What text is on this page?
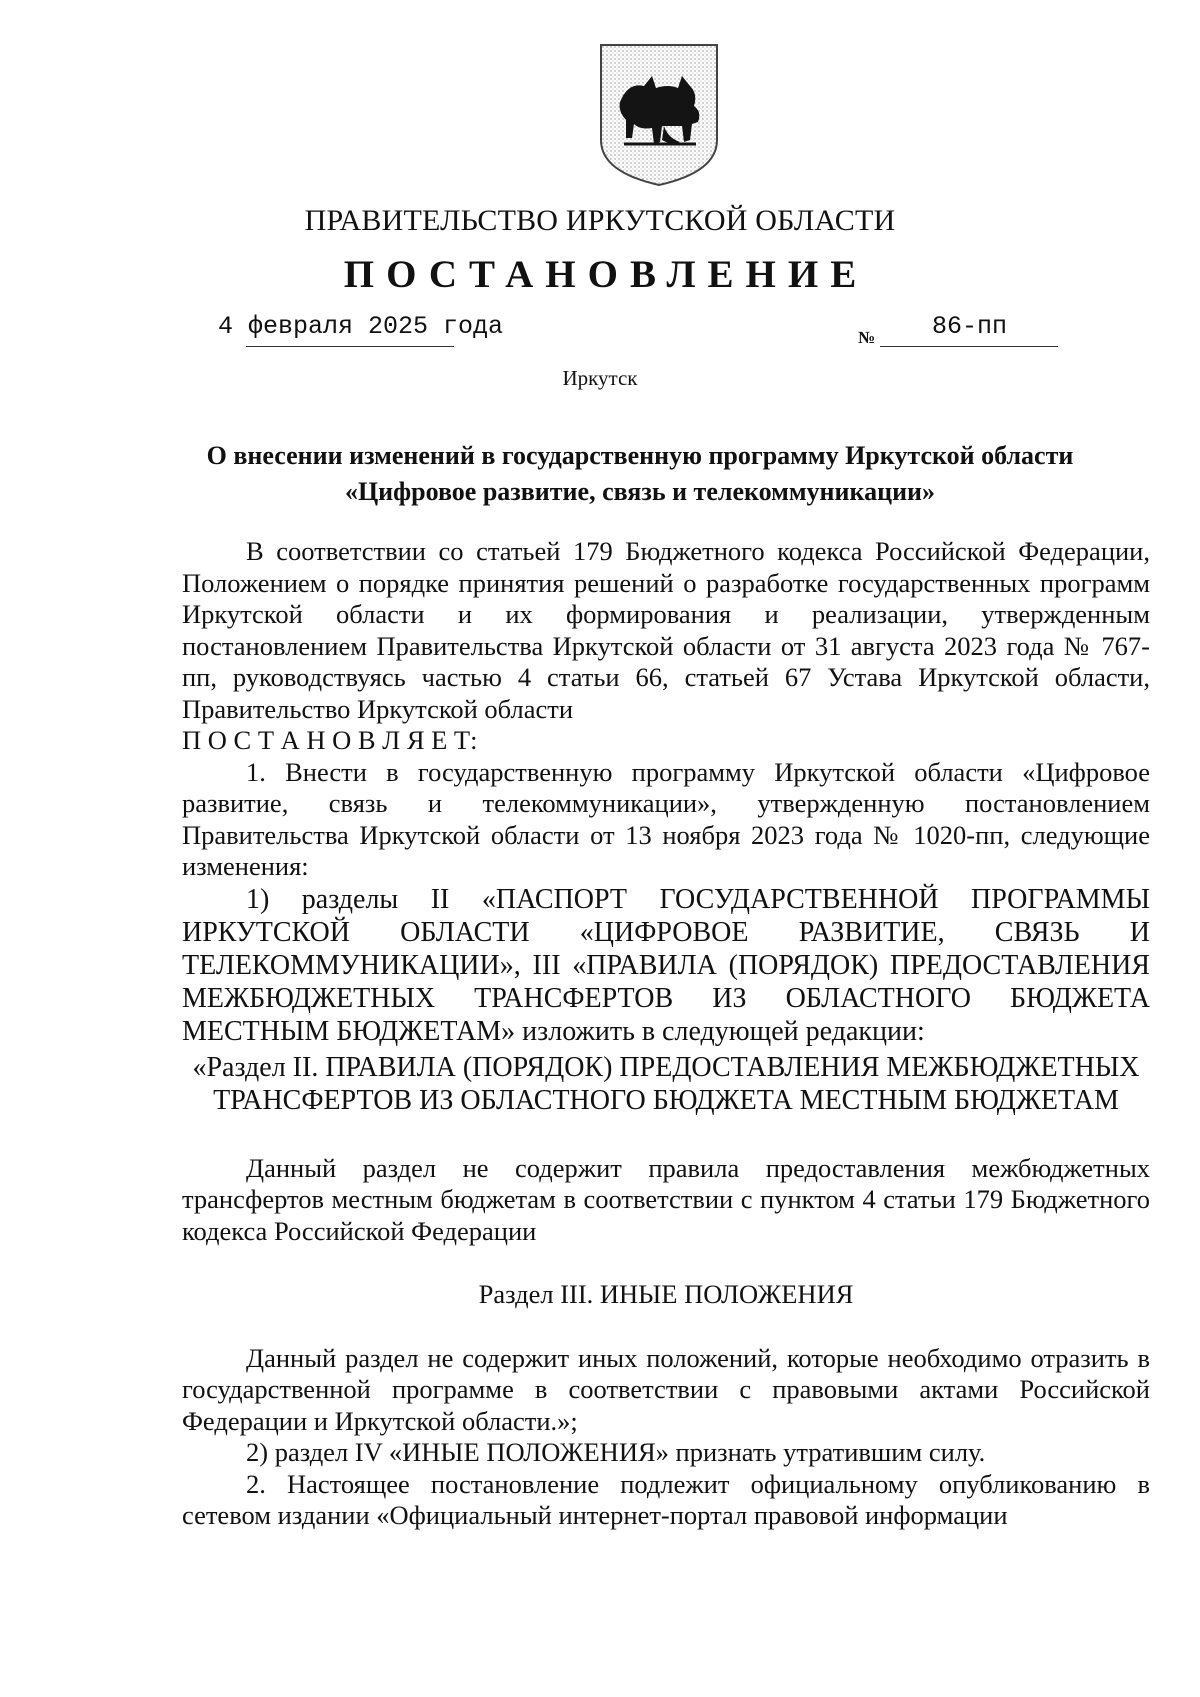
ПРАВИТЕЛЬСТВО ИРКУТСКОЙ ОБЛАСТИ
ПОСТАНОВЛЕНИЕ
4 февраля 2025 года	№ 86-пп
Иркутск
О внесении изменений в государственную программу Иркутской области
«Цифровое развитие, связь и телекоммуникации»

В соответствии со статьей 179 Бюджетного кодекса Российской Федерации, Положением о порядке принятия решений о разработке государственных программ Иркутской области и их формирования и реализации, утвержденным постановлением Правительства Иркутской области от 31 августа 2023 года № 767-пп, руководствуясь частью 4 статьи 66, статьей 67 Устава Иркутской области, Правительство Иркутской области

П О С Т А Н О В Л Я Е Т:

1. Внести в государственную программу Иркутской области «Цифровое развитие, связь и телекоммуникации», утвержденную постановлением Правительства Иркутской области от 13 ноября 2023 года № 1020-пп, следующие изменения:

1) разделы II «ПАСПОРТ ГОСУДАРСТВЕННОЙ ПРОГРАММЫ ИРКУТСКОЙ ОБЛАСТИ «ЦИФРОВОЕ РАЗВИТИЕ, СВЯЗЬ И ТЕЛЕКОММУНИКАЦИИ», III «ПРАВИЛА (ПОРЯДОК) ПРЕДОСТАВЛЕНИЯ МЕЖБЮДЖЕТНЫХ ТРАНСФЕРТОВ ИЗ ОБЛАСТНОГО БЮДЖЕТА МЕСТНЫМ БЮДЖЕТАМ» изложить в следующей редакции:

«Раздел II. ПРАВИЛА (ПОРЯДОК) ПРЕДОСТАВЛЕНИЯ МЕЖБЮДЖЕТНЫХ

ТРАНСФЕРТОВ ИЗ ОБЛАСТНОГО БЮДЖЕТА МЕСТНЫМ БЮДЖЕТАМ

Данный раздел не содержит правила предоставления межбюджетных трансфертов местным бюджетам в соответствии с пунктом 4 статьи 179 Бюджетного кодекса Российской Федерации

Раздел III. ИНЫЕ ПОЛОЖЕНИЯ

Данный раздел не содержит иных положений, которые необходимо отразить в государственной программе в соответствии с правовыми актами Российской Федерации и Иркутской области.»;

2) раздел IV «ИНЫЕ ПОЛОЖЕНИЯ» признать утратившим силу.

2. Настоящее постановление подлежит официальному опубликованию в сетевом издании «Официальный интернет-портал правовой информации
